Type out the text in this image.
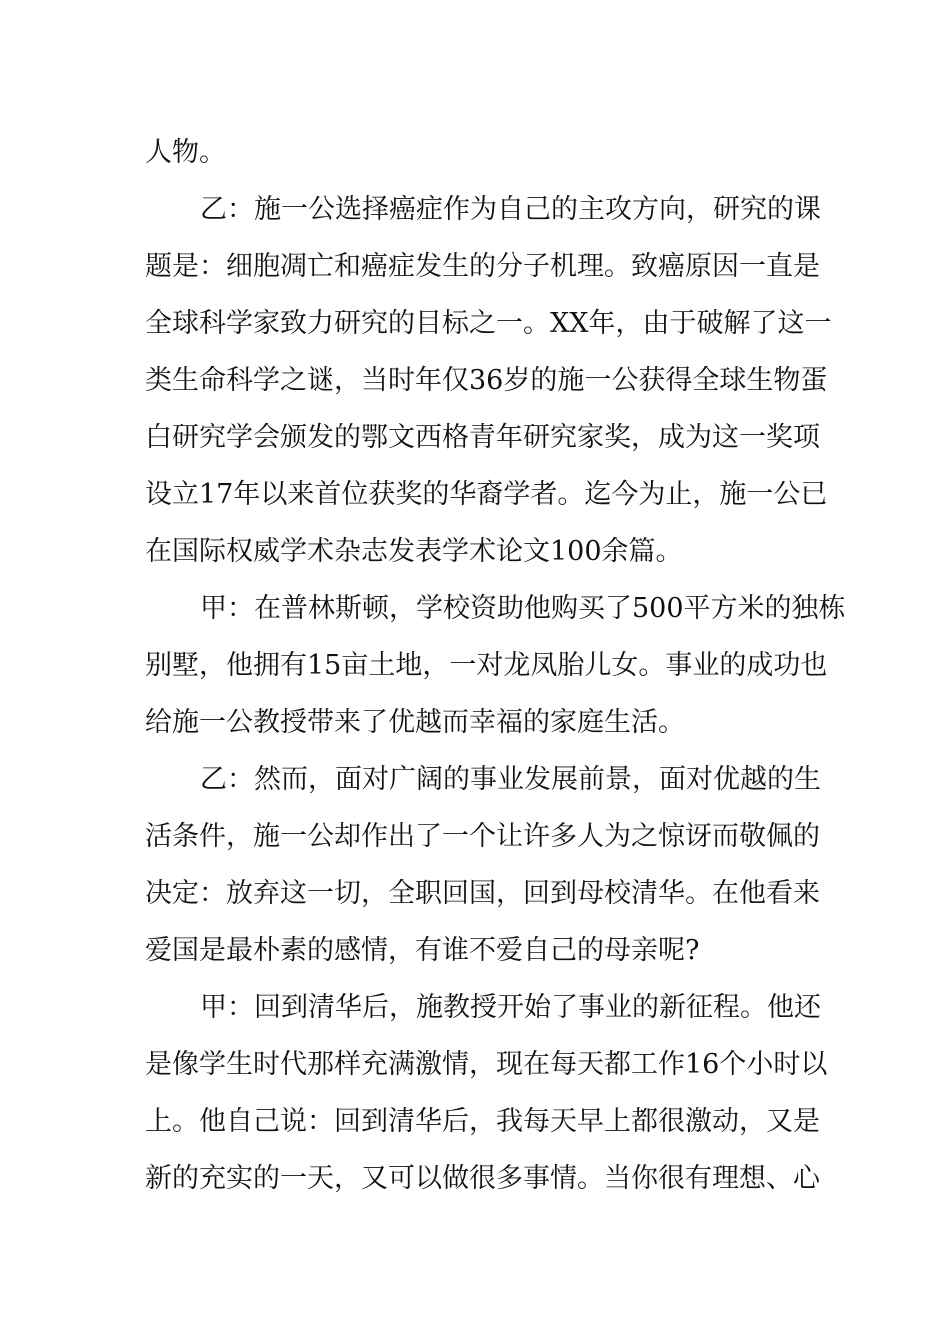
人物。

乙：施一公选择癌症作为自己的主攻方向，研究的课

题是：细胞凋亡和癌症发生的分子机理。致癌原因一直是

全球科学家致力研究的目标之一。XX年，由于破解了这一

类生命科学之谜，当时年仅36岁的施一公获得全球生物蛋

白研究学会颁发的鄂文西格青年研究家奖，成为这一奖项

设立17年以来首位获奖的华裔学者。迄今为止，施一公已

在国际权威学术杂志发表学术论文100余篇。

甲：在普林斯顿，学校资助他购买了500平方米的独栋

别墅，他拥有15亩土地，一对龙凤胎儿女。事业的成功也

给施一公教授带来了优越而幸福的家庭生活。

乙：然而，面对广阔的事业发展前景，面对优越的生

活条件，施一公却作出了一个让许多人为之惊讶而敬佩的

决定：放弃这一切，全职回国，回到母校清华。在他看来

爱国是最朴素的感情，有谁不爱自己的母亲呢?

甲：回到清华后，施教授开始了事业的新征程。他还

是像学生时代那样充满激情，现在每天都工作16个小时以

上。他自己说：回到清华后，我每天早上都很激动，又是

新的充实的一天，又可以做很多事情。当你很有理想、心
